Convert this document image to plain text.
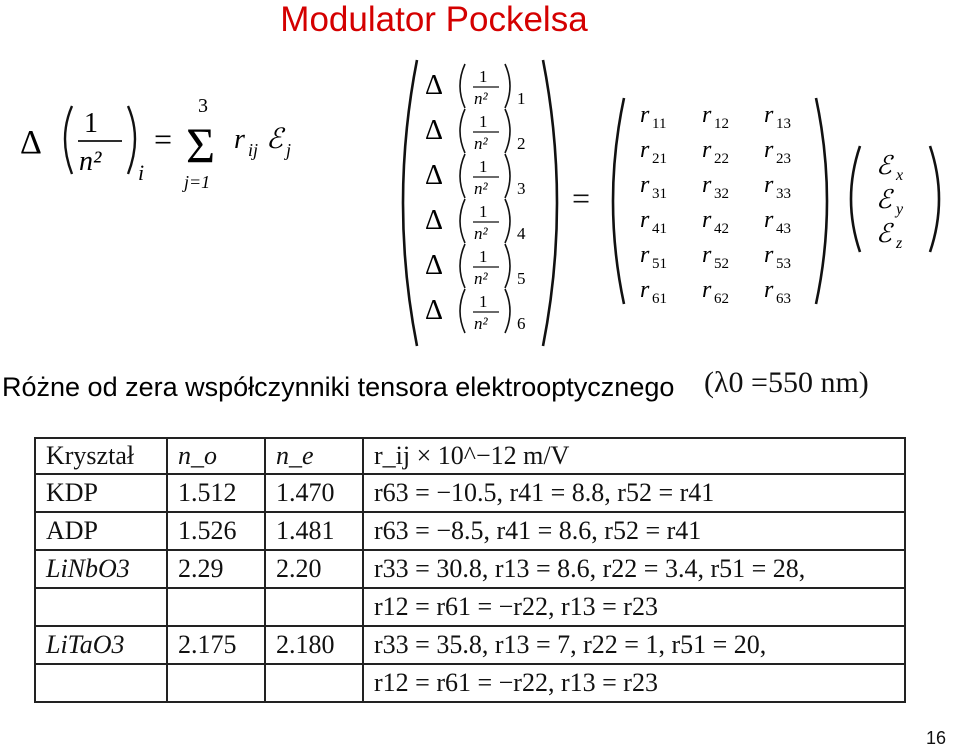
Modulator Pockelsa
Δ
1
n² i
=
3
Σ
j=1
r ij ℰ j
Δ 1
n² 1
Δ 1
n² 2
Δ 1
n² 3
Δ 1
n² 4
Δ 1
n² 5
Δ 1
n² 6
=
r 11 r 12 r 13
r 21 r 22 r 23
r 31 r 32 r 33
r 41 r 42 r 43
r 51 r 52 r 53
r 61 r 62 r 63
ℰ x
ℰ y
ℰ z
Różne od zera współczynniki tensora elektrooptycznego (λ0 =550 nm)
Kryształ	n_o	n_e	r_ij × 10^−12 m/V
KDP	1.512	1.470	r63 = −10.5, r41 = 8.8, r52 = r41
ADP	1.526	1.481	r63 = −8.5, r41 = 8.6, r52 = r41
LiNbO3	2.29	2.20	r33 = 30.8, r13 = 8.6, r22 = 3.4, r51 = 28,
			r12 = r61 = −r22, r13 = r23
LiTaO3	2.175	2.180	r33 = 35.8, r13 = 7, r22 = 1, r51 = 20,
			r12 = r61 = −r22, r13 = r23
16
